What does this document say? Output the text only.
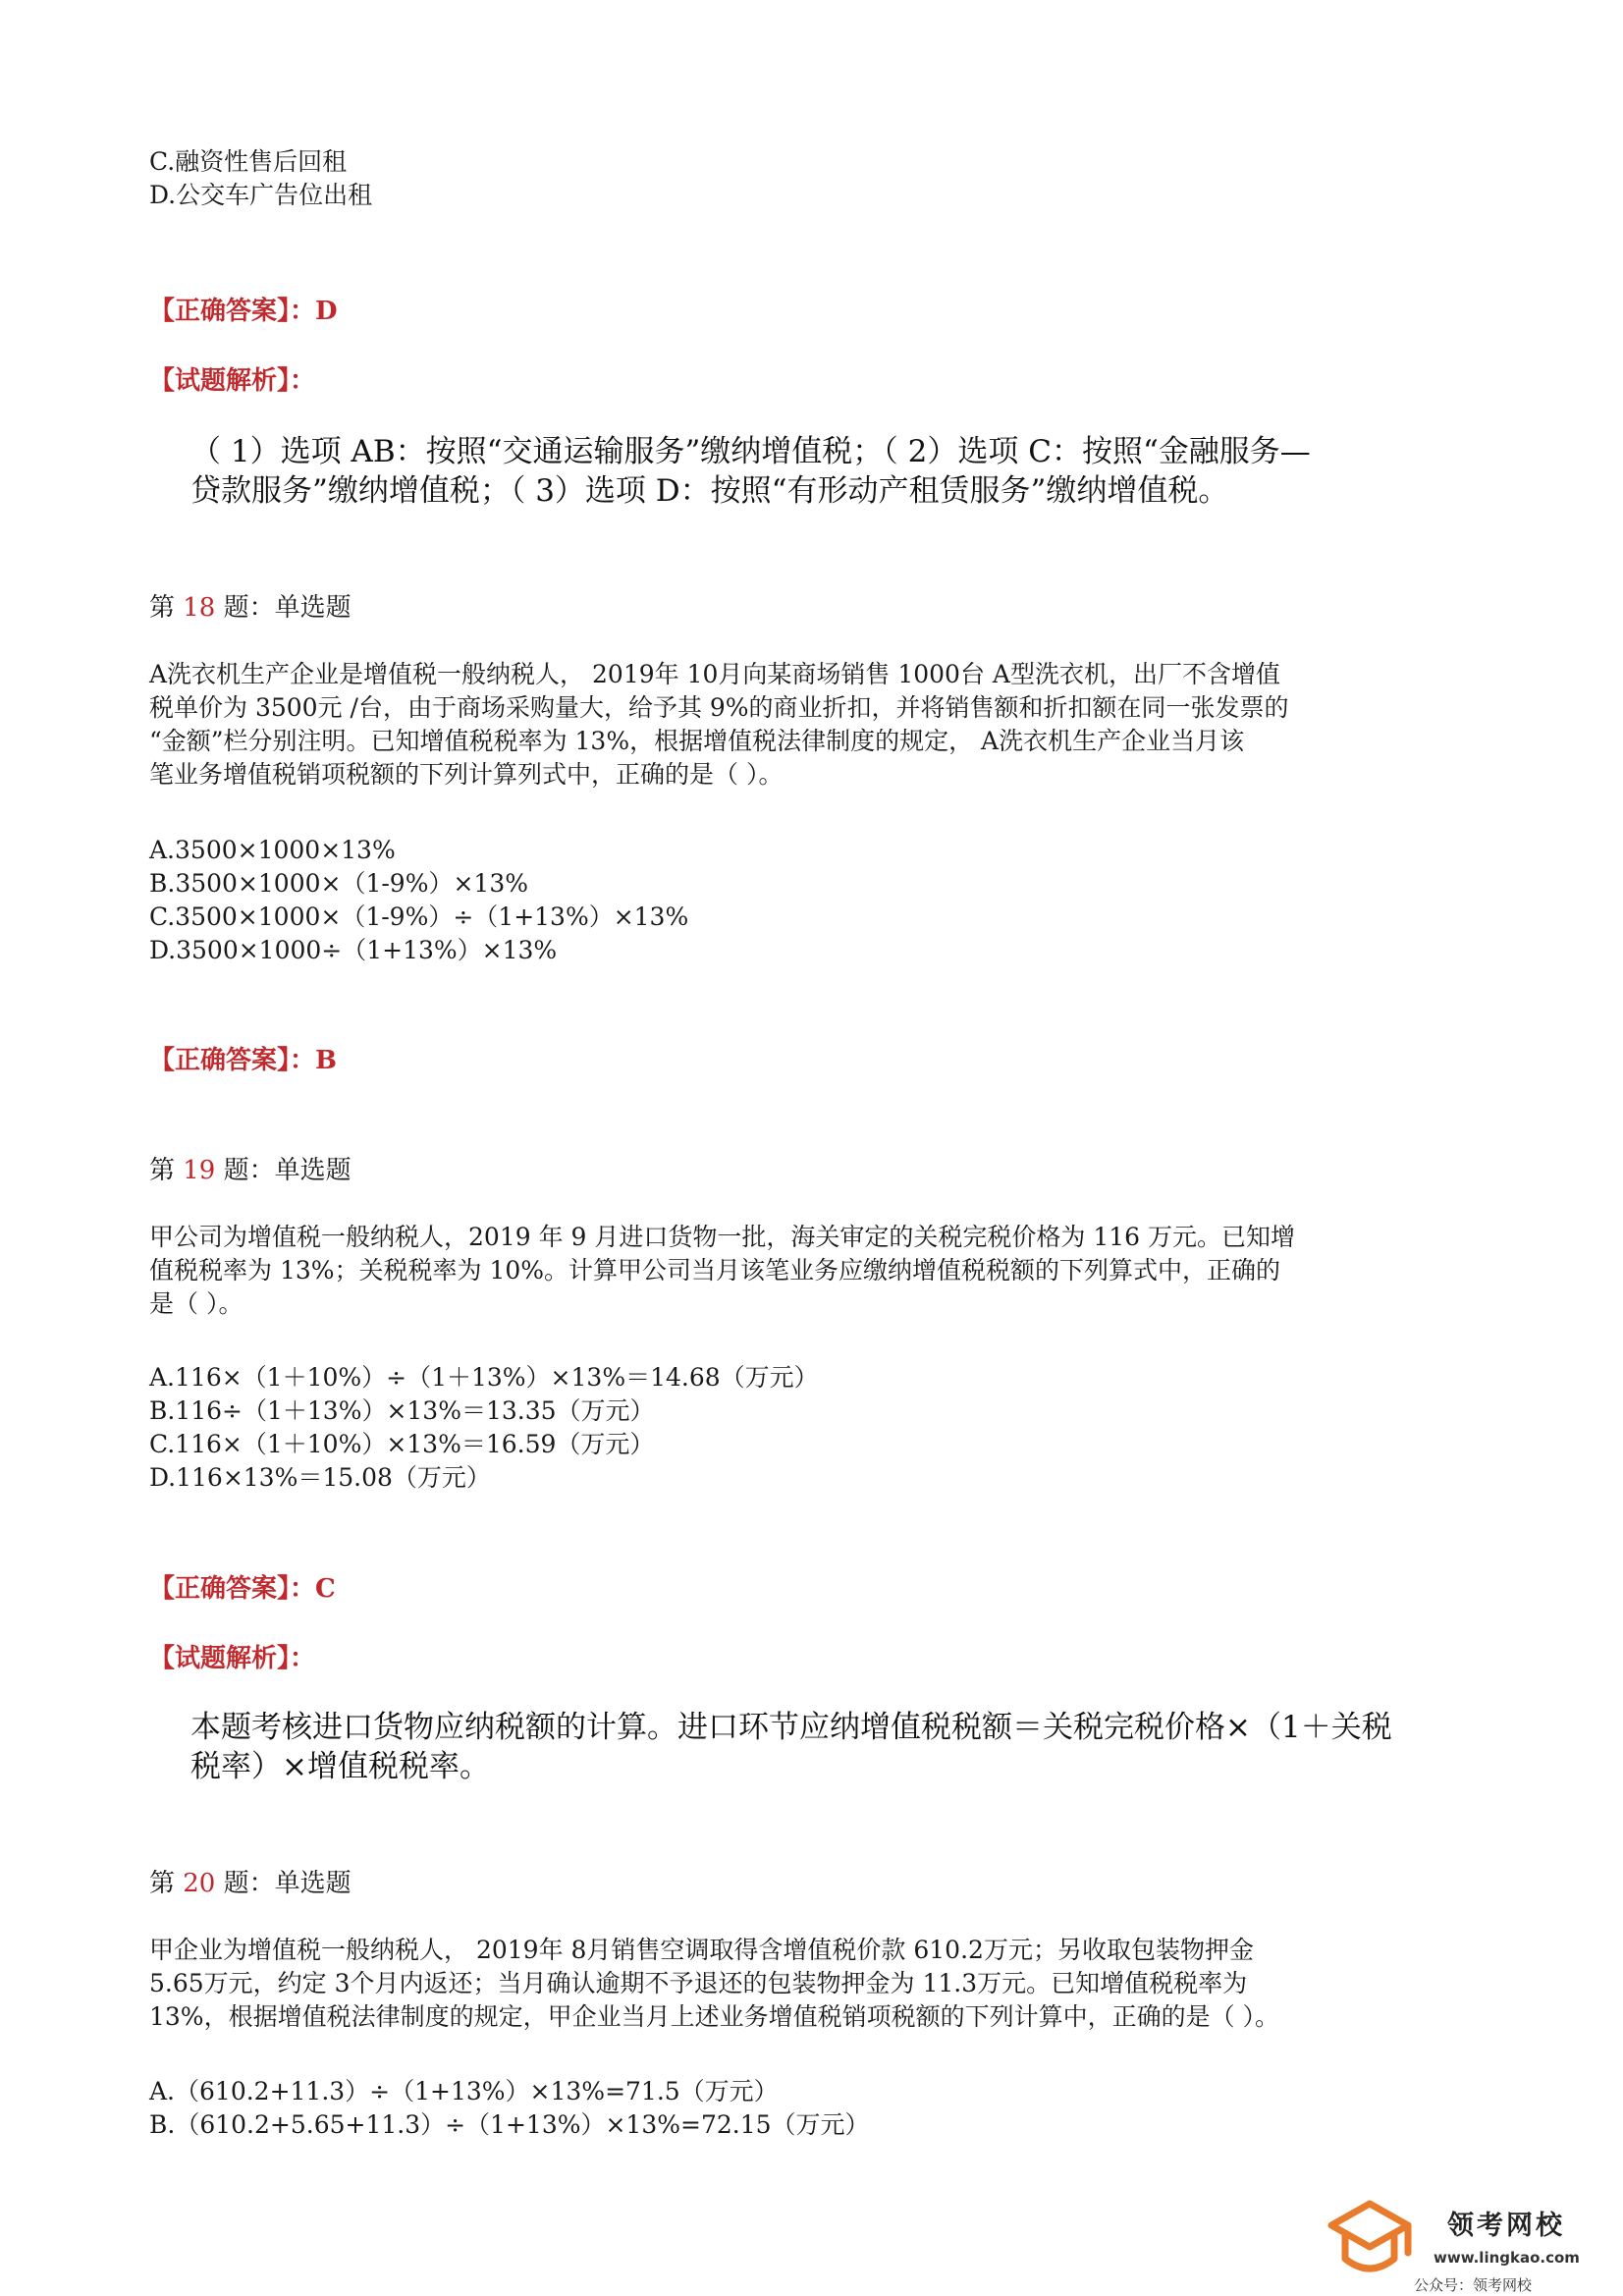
C.融资性售后回租
D.公交车广告位出租
【正确答案】：D
【试题解析】：
（ 1）选项 AB：按照“交通运输服务”缴纳增值税；（ 2）选项 C：按照“金融服务—
贷款服务”缴纳增值税；（ 3）选项 D：按照“有形动产租赁服务”缴纳增值税。
第 18 题：单选题
A洗衣机生产企业是增值税一般纳税人， 2019年 10月向某商场销售 1000台 A型洗衣机，出厂不含增值
税单价为 3500元 /台，由于商场采购量大，给予其 9%的商业折扣，并将销售额和折扣额在同一张发票的
“金额”栏分别注明。已知增值税税率为 13%，根据增值税法律制度的规定， A洗衣机生产企业当月该
笔业务增值税销项税额的下列计算列式中，正确的是（ ）。
A.3500×1000×13%
B.3500×1000×（1-9%）×13%
C.3500×1000×（1-9%）÷（1+13%）×13%
D.3500×1000÷（1+13%）×13%
【正确答案】：B
第 19 题：单选题
甲公司为增值税一般纳税人，2019 年 9 月进口货物一批，海关审定的关税完税价格为 116 万元。已知增
值税税率为 13%；关税税率为 10%。计算甲公司当月该笔业务应缴纳增值税税额的下列算式中，正确的
是（ ）。
A.116×（1＋10%）÷（1＋13%）×13%＝14.68（万元）
B.116÷（1＋13%）×13%＝13.35（万元）
C.116×（1＋10%）×13%＝16.59（万元）
D.116×13%＝15.08（万元）
【正确答案】：C
【试题解析】：
本题考核进口货物应纳税额的计算。进口环节应纳增值税税额＝关税完税价格×（1＋关税
税率）×增值税税率。
第 20 题：单选题
甲企业为增值税一般纳税人， 2019年 8月销售空调取得含增值税价款 610.2万元；另收取包装物押金
5.65万元，约定 3个月内返还；当月确认逾期不予退还的包装物押金为 11.3万元。已知增值税税率为
13%，根据增值税法律制度的规定，甲企业当月上述业务增值税销项税额的下列计算中，正确的是（ ）。
A.（610.2+11.3）÷（1+13%）×13%=71.5（万元）
B.（610.2+5.65+11.3）÷（1+13%）×13%=72.15（万元）
领考网校
www.lingkao.com
公众号：领考网校
